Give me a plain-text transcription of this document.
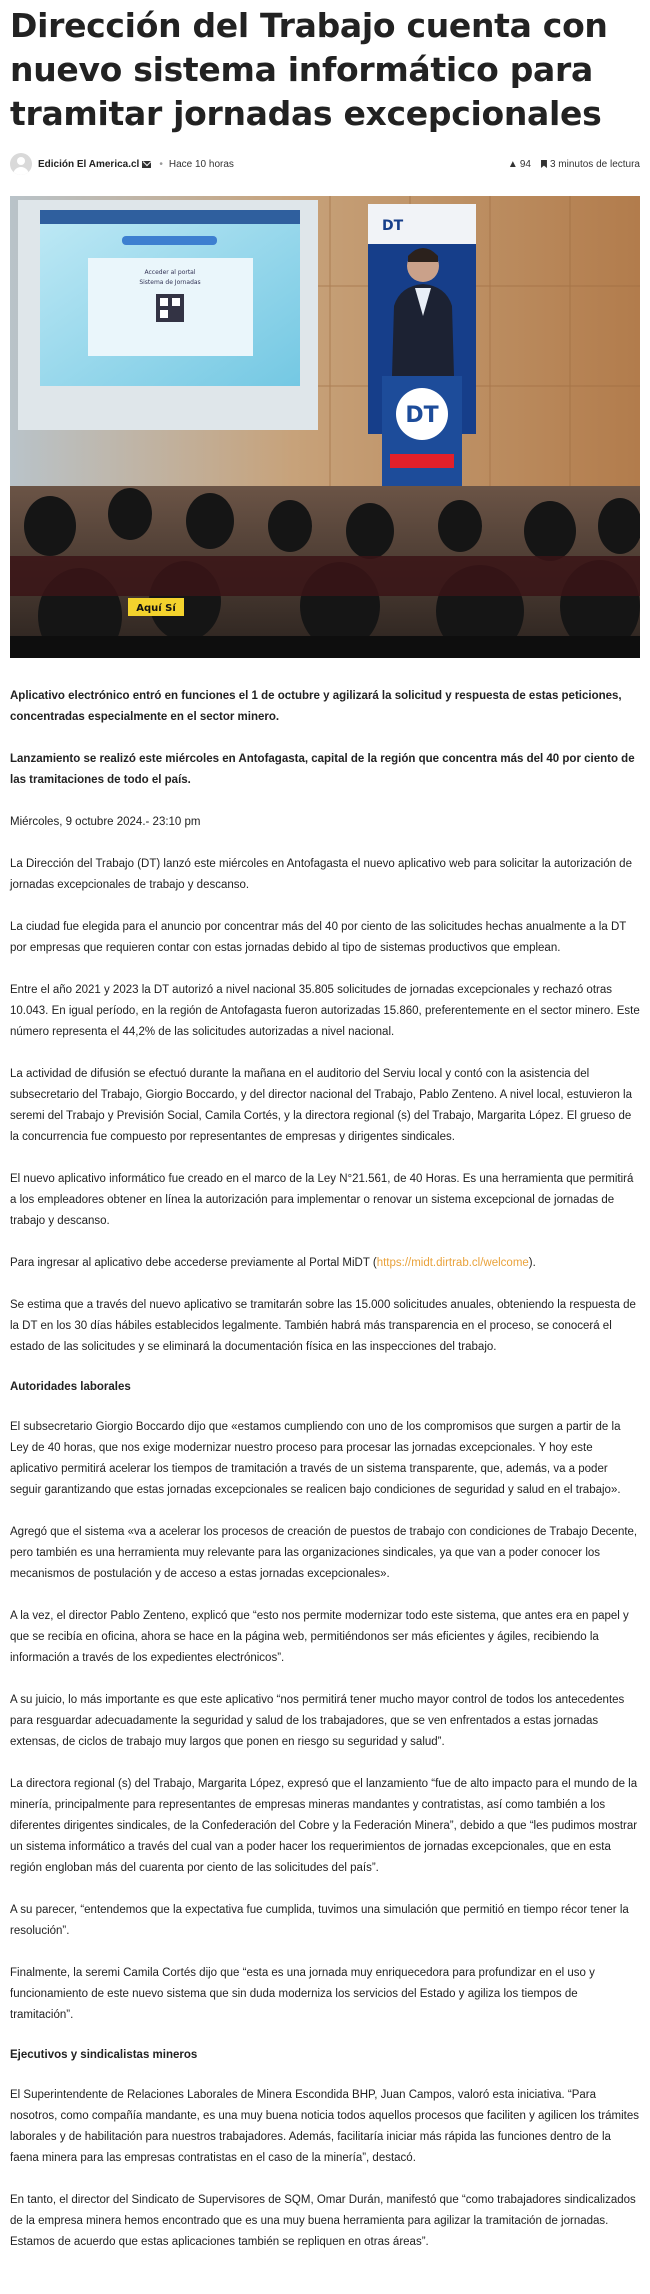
Dirección del Trabajo cuenta con nuevo sistema informático para tramitar jornadas excepcionales
Edición El America.cl • Hace 10 horas	▲ 94 3 minutos de lectura
Acceder al portal
Sistema de Jornadas
DT
DT
Aquí Sí

Aplicativo electrónico entró en funciones el 1 de octubre y agilizará la solicitud y respuesta de estas peticiones, concentradas especialmente en el sector minero.

Lanzamiento se realizó este miércoles en Antofagasta, capital de la región que concentra más del 40 por ciento de las tramitaciones de todo el país.

Miércoles, 9 octubre 2024.- 23:10 pm

La Dirección del Trabajo (DT) lanzó este miércoles en Antofagasta el nuevo aplicativo web para solicitar la autorización de jornadas excepcionales de trabajo y descanso.

La ciudad fue elegida para el anuncio por concentrar más del 40 por ciento de las solicitudes hechas anualmente a la DT por empresas que requieren contar con estas jornadas debido al tipo de sistemas productivos que emplean.

Entre el año 2021 y 2023 la DT autorizó a nivel nacional 35.805 solicitudes de jornadas excepcionales y rechazó otras 10.043. En igual período, en la región de Antofagasta fueron autorizadas 15.860, preferentemente en el sector minero. Este número representa el 44,2% de las solicitudes autorizadas a nivel nacional.

La actividad de difusión se efectuó durante la mañana en el auditorio del Serviu local y contó con la asistencia del subsecretario del Trabajo, Giorgio Boccardo, y del director nacional del Trabajo, Pablo Zenteno. A nivel local, estuvieron la seremi del Trabajo y Previsión Social, Camila Cortés, y la directora regional (s) del Trabajo, Margarita López. El grueso de la concurrencia fue compuesto por representantes de empresas y dirigentes sindicales.

El nuevo aplicativo informático fue creado en el marco de la Ley N°21.561, de 40 Horas. Es una herramienta que permitirá a los empleadores obtener en línea la autorización para implementar o renovar un sistema excepcional de jornadas de trabajo y descanso.

Para ingresar al aplicativo debe accederse previamente al Portal MiDT (https://midt.dirtrab.cl/welcome).

Se estima que a través del nuevo aplicativo se tramitarán sobre las 15.000 solicitudes anuales, obteniendo la respuesta de la DT en los 30 días hábiles establecidos legalmente. También habrá más transparencia en el proceso, se conocerá el estado de las solicitudes y se eliminará la documentación física en las inspecciones del trabajo.

Autoridades laborales

El subsecretario Giorgio Boccardo dijo que «estamos cumpliendo con uno de los compromisos que surgen a partir de la Ley de 40 horas, que nos exige modernizar nuestro proceso para procesar las jornadas excepcionales. Y hoy este aplicativo permitirá acelerar los tiempos de tramitación a través de un sistema transparente, que, además, va a poder seguir garantizando que estas jornadas excepcionales se realicen bajo condiciones de seguridad y salud en el trabajo».

Agregó que el sistema «va a acelerar los procesos de creación de puestos de trabajo con condiciones de Trabajo Decente, pero también es una herramienta muy relevante para las organizaciones sindicales, ya que van a poder conocer los mecanismos de postulación y de acceso a estas jornadas excepcionales».

A la vez, el director Pablo Zenteno, explicó que “esto nos permite modernizar todo este sistema, que antes era en papel y que se recibía en oficina, ahora se hace en la página web, permitiéndonos ser más eficientes y ágiles, recibiendo la información a través de los expedientes electrónicos”.

A su juicio, lo más importante es que este aplicativo “nos permitirá tener mucho mayor control de todos los antecedentes para resguardar adecuadamente la seguridad y salud de los trabajadores, que se ven enfrentados a estas jornadas extensas, de ciclos de trabajo muy largos que ponen en riesgo su seguridad y salud”.

La directora regional (s) del Trabajo, Margarita López, expresó que el lanzamiento “fue de alto impacto para el mundo de la minería, principalmente para representantes de empresas mineras mandantes y contratistas, así como también a los diferentes dirigentes sindicales, de la Confederación del Cobre y la Federación Minera”, debido a que “les pudimos mostrar un sistema informático a través del cual van a poder hacer los requerimientos de jornadas excepcionales, que en esta región engloban más del cuarenta por ciento de las solicitudes del país”.

A su parecer, “entendemos que la expectativa fue cumplida, tuvimos una simulación que permitió en tiempo récor tener la resolución”.

Finalmente, la seremi Camila Cortés dijo que “esta es una jornada muy enriquecedora para profundizar en el uso y funcionamiento de este nuevo sistema que sin duda moderniza los servicios del Estado y agiliza los tiempos de tramitación”.

Ejecutivos y sindicalistas mineros

El Superintendente de Relaciones Laborales de Minera Escondida BHP, Juan Campos, valoró esta iniciativa. “Para nosotros, como compañía mandante, es una muy buena noticia todos aquellos procesos que faciliten y agilicen los trámites laborales y de habilitación para nuestros trabajadores. Además, facilitaría iniciar más rápida las funciones dentro de la faena minera para las empresas contratistas en el caso de la minería”, destacó.

En tanto, el director del Sindicato de Supervisores de SQM, Omar Durán, manifestó que “como trabajadores sindicalizados de la empresa minera hemos encontrado que es una muy buena herramienta para agilizar la tramitación de jornadas. Estamos de acuerdo que estas aplicaciones también se repliquen en otras áreas”.
